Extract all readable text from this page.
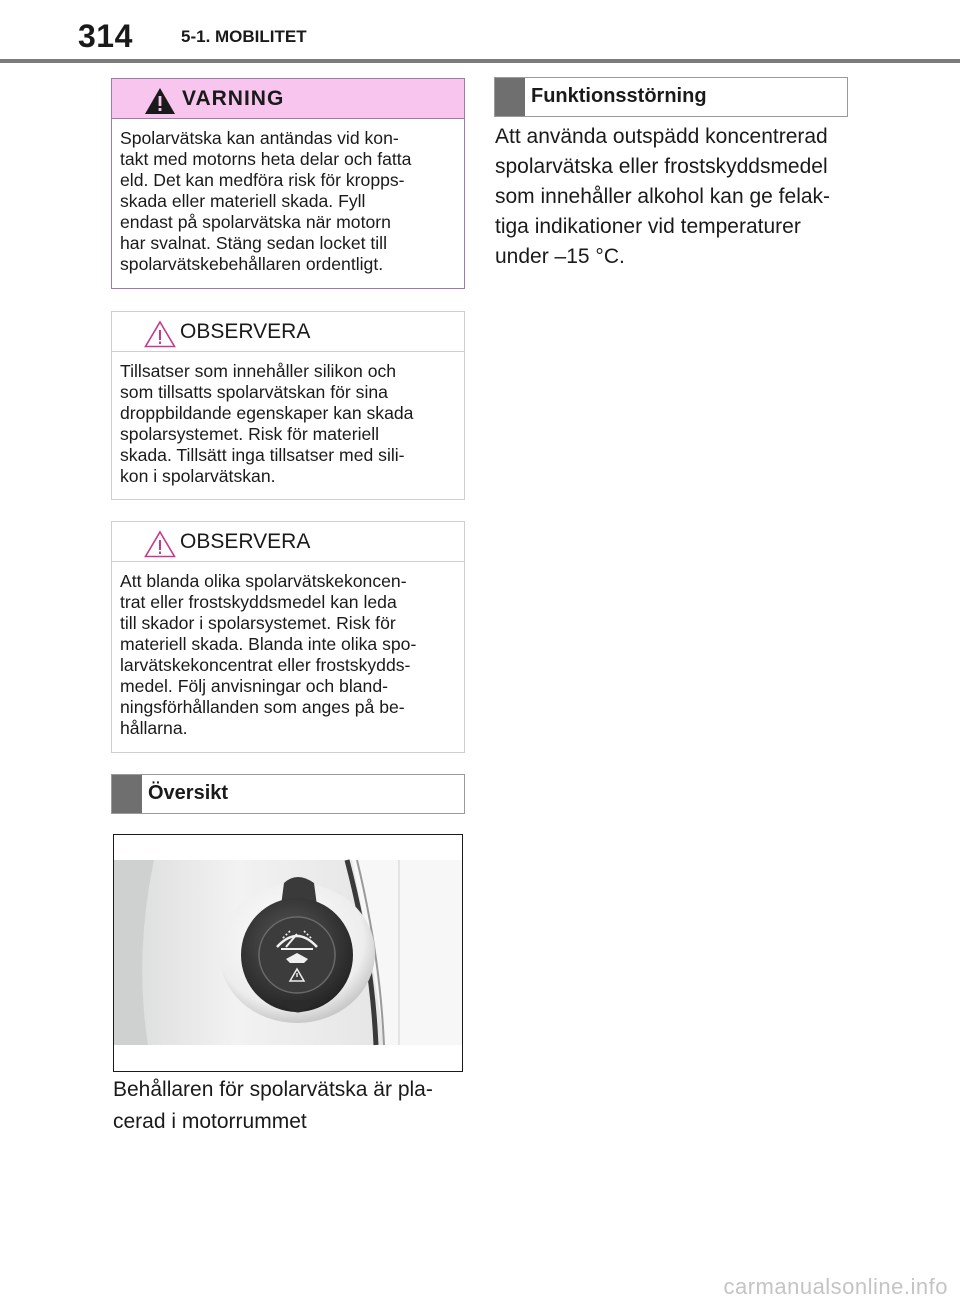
314	5-1. MOBILITET
VARNING
Spolarvätska kan antändas vid kon-
takt med motorns heta delar och fatta
eld. Det kan medföra risk för kropps-
skada eller materiell skada. Fyll
endast på spolarvätska när motorn
har svalnat. Stäng sedan locket till
spolarvätskebehållaren ordentligt.
OBSERVERA
Tillsatser som innehåller silikon och
som tillsatts spolarvätskan för sina
droppbildande egenskaper kan skada
spolarsystemet. Risk för materiell
skada. Tillsätt inga tillsatser med sili-
kon i spolarvätskan.
OBSERVERA
Att blanda olika spolarvätskekoncen-
trat eller frostskyddsmedel kan leda
till skador i spolarsystemet. Risk för
materiell skada. Blanda inte olika spo-
larvätskekoncentrat eller frostskydds-
medel. Följ anvisningar och bland-
ningsförhållanden som anges på be-
hållarna.
Översikt
Behållaren för spolarvätska är pla-
cerad i motorrummet
Funktionsstörning
Att använda outspädd koncentrerad
spolarvätska eller frostskyddsmedel
som innehåller alkohol kan ge felak-
tiga indikationer vid temperaturer
under –15 °C.
carmanualsonline.info
